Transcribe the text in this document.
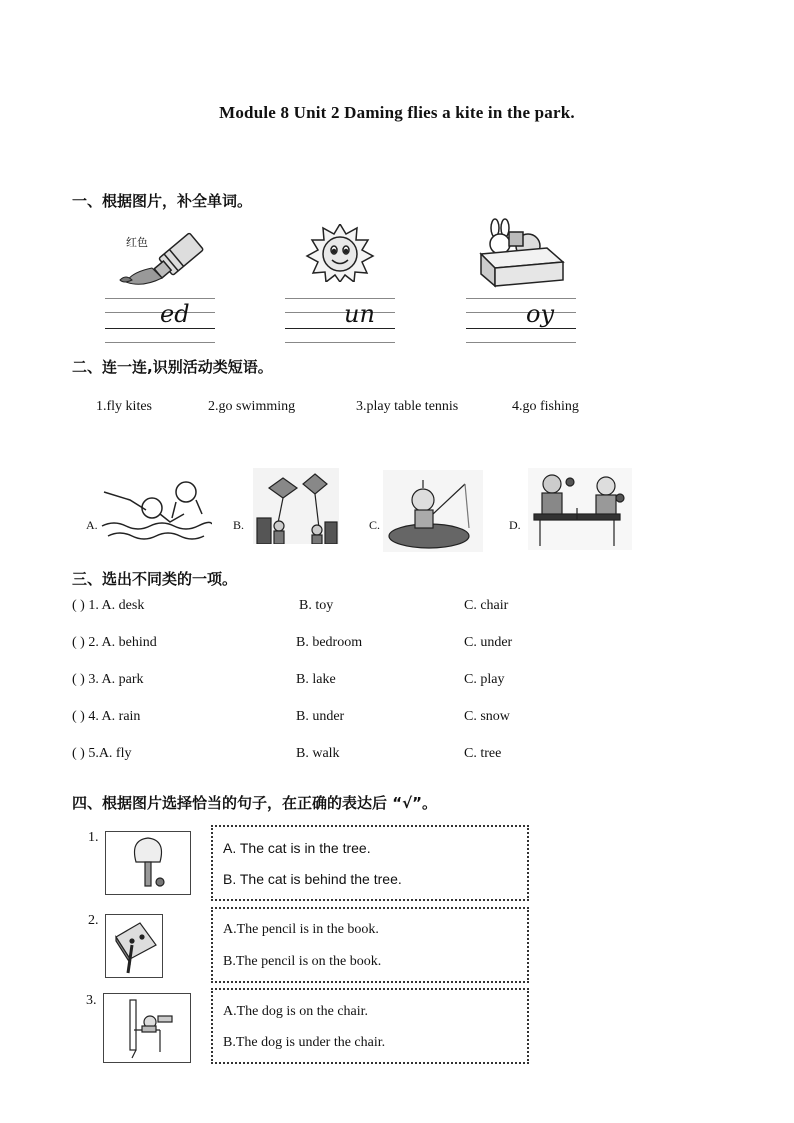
Module 8 Unit 2 Daming flies a kite in the park.
一、根据图片，补全单词。
红色
ed	un	oy
二、连一连,识别活动类短语。
1.fly kites	2.go swimming	3.play table tennis	4.go fishing
A.	B.	C.	D.
三、选出不同类的一项。
( ) 1. A. desk	B. toy	C. chair
( ) 2. A. behind	B. bedroom	C. under
( ) 3. A. park	B. lake	C. play
( ) 4. A. rain	B. under	C. snow
( ) 5.A. fly	B. walk	C. tree
四、根据图片选择恰当的句子，在正确的表达后 “√”。
1.
A. The cat is in the tree.
B. The cat is behind the tree.
2.
A.The pencil is in the book.
B.The pencil is on the book.
3.
A.The dog is on the chair.
B.The dog is under the chair.
